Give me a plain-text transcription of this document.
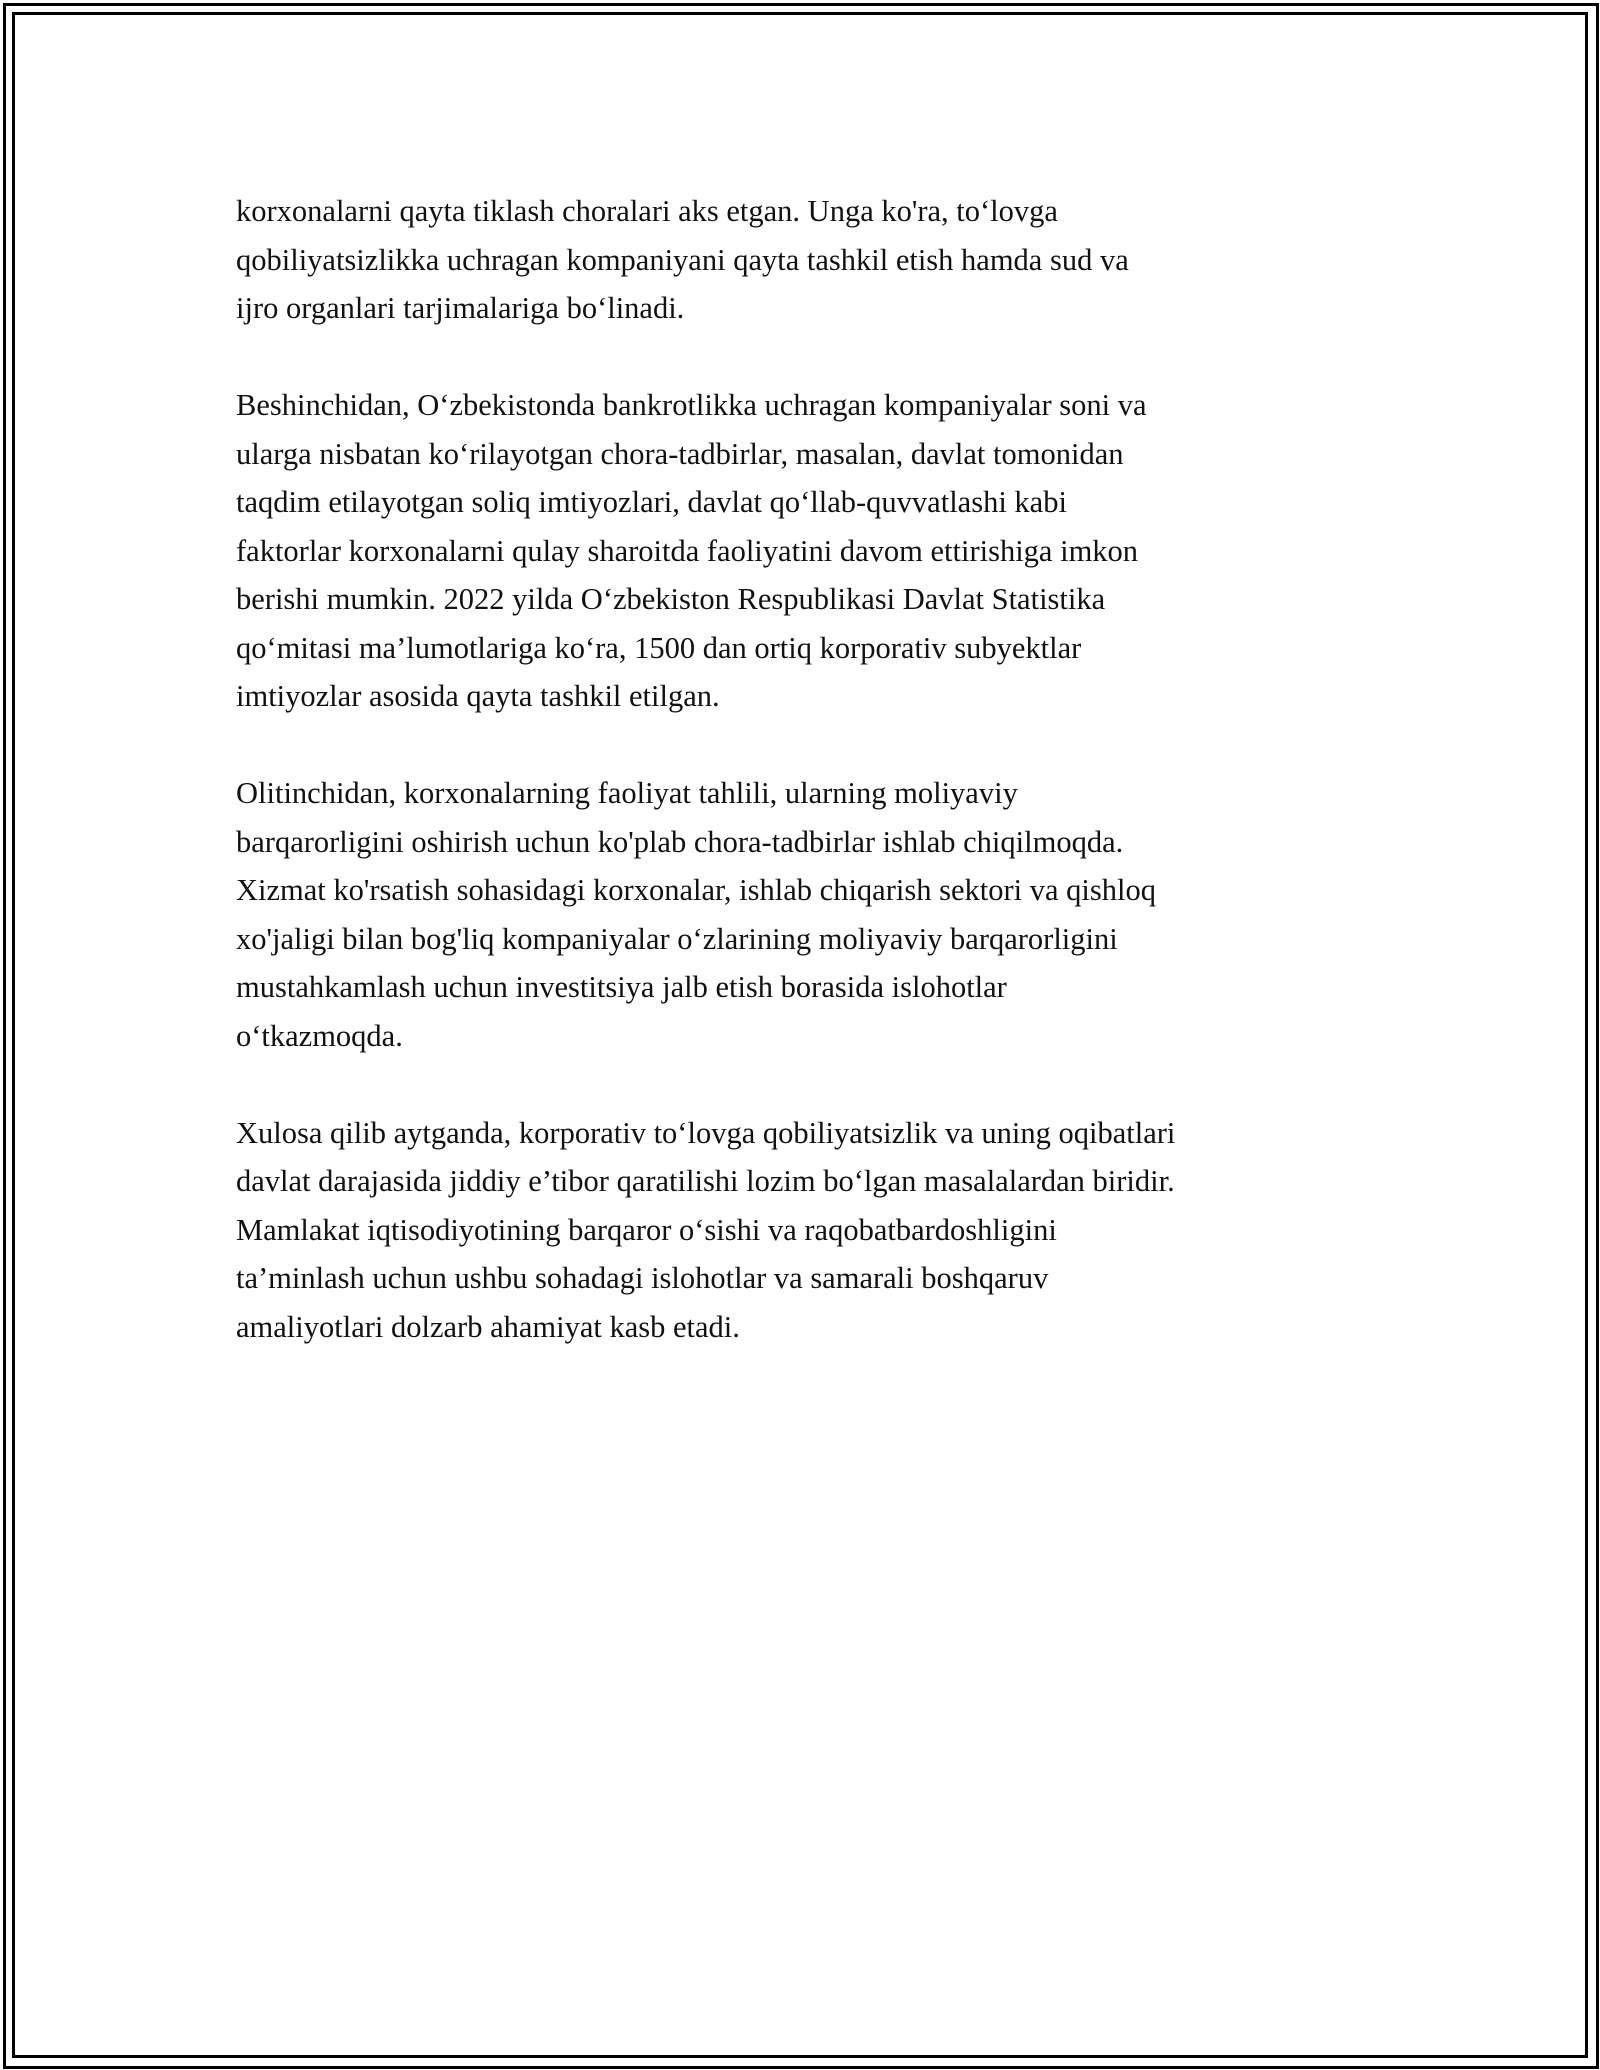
korxonalarni qayta tiklash choralari aks etgan. Unga ko'ra, to‘lovga
qobiliyatsizlikka uchragan kompaniyani qayta tashkil etish hamda sud va
ijro organlari tarjimalariga bo‘linadi.

Beshinchidan, O‘zbekistonda bankrotlikka uchragan kompaniyalar soni va
ularga nisbatan ko‘rilayotgan chora-tadbirlar, masalan, davlat tomonidan
taqdim etilayotgan soliq imtiyozlari, davlat qo‘llab-quvvatlashi kabi
faktorlar korxonalarni qulay sharoitda faoliyatini davom ettirishiga imkon
berishi mumkin. 2022 yilda O‘zbekiston Respublikasi Davlat Statistika
qo‘mitasi ma’lumotlariga ko‘ra, 1500 dan ortiq korporativ subyektlar
imtiyozlar asosida qayta tashkil etilgan.

Olitinchidan, korxonalarning faoliyat tahlili, ularning moliyaviy
barqarorligini oshirish uchun ko'plab chora-tadbirlar ishlab chiqilmoqda.
Xizmat ko'rsatish sohasidagi korxonalar, ishlab chiqarish sektori va qishloq
xo'jaligi bilan bog'liq kompaniyalar o‘zlarining moliyaviy barqarorligini
mustahkamlash uchun investitsiya jalb etish borasida islohotlar
o‘tkazmoqda.

Xulosa qilib aytganda, korporativ to‘lovga qobiliyatsizlik va uning oqibatlari
davlat darajasida jiddiy e’tibor qaratilishi lozim bo‘lgan masalalardan biridir.
Mamlakat iqtisodiyotining barqaror o‘sishi va raqobatbardoshligini
ta’minlash uchun ushbu sohadagi islohotlar va samarali boshqaruv
amaliyotlari dolzarb ahamiyat kasb etadi.
